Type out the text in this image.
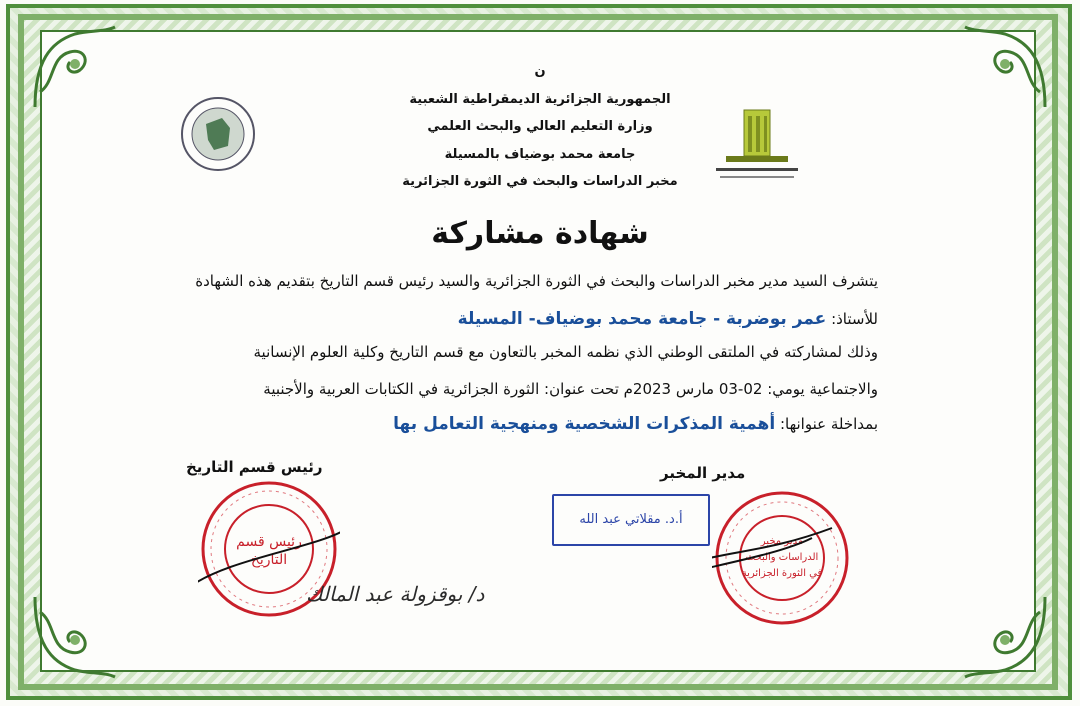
ن
الجمهورية الجزائرية الديمقراطية الشعبية
وزارة التعليم العالي والبحث العلمي
جامعة محمد بوضياف بالمسيلة
مخبر الدراسات والبحث في الثورة الجزائرية
شهادة مشاركة
يتشرف السيد مدير مخبر الدراسات والبحث في الثورة الجزائرية والسيد رئيس قسم التاريخ بتقديم هذه الشهادة
للأستاذ: عمر بوضربة - جامعة محمد بوضياف- المسيلة
وذلك لمشاركته في الملتقى الوطني الذي نظمه المخبر بالتعاون مع قسم التاريخ وكلية العلوم الإنسانية
والاجتماعية يومي: 02-03 مارس 2023م تحت عنوان: الثورة الجزائرية في الكتابات العربية والأجنبية
بمداخلة عنوانها: أهمية المذكرات الشخصية ومنهجية التعامل بها
مدير المخبر
رئيس قسم التاريخ
رئيس قسم
التاريخ
أ.د. مقلاتي عبد الله
مدير مخبر
الدراسات والبحث
في الثورة الجزائرية
د/ بوقزولة عبد المالك
